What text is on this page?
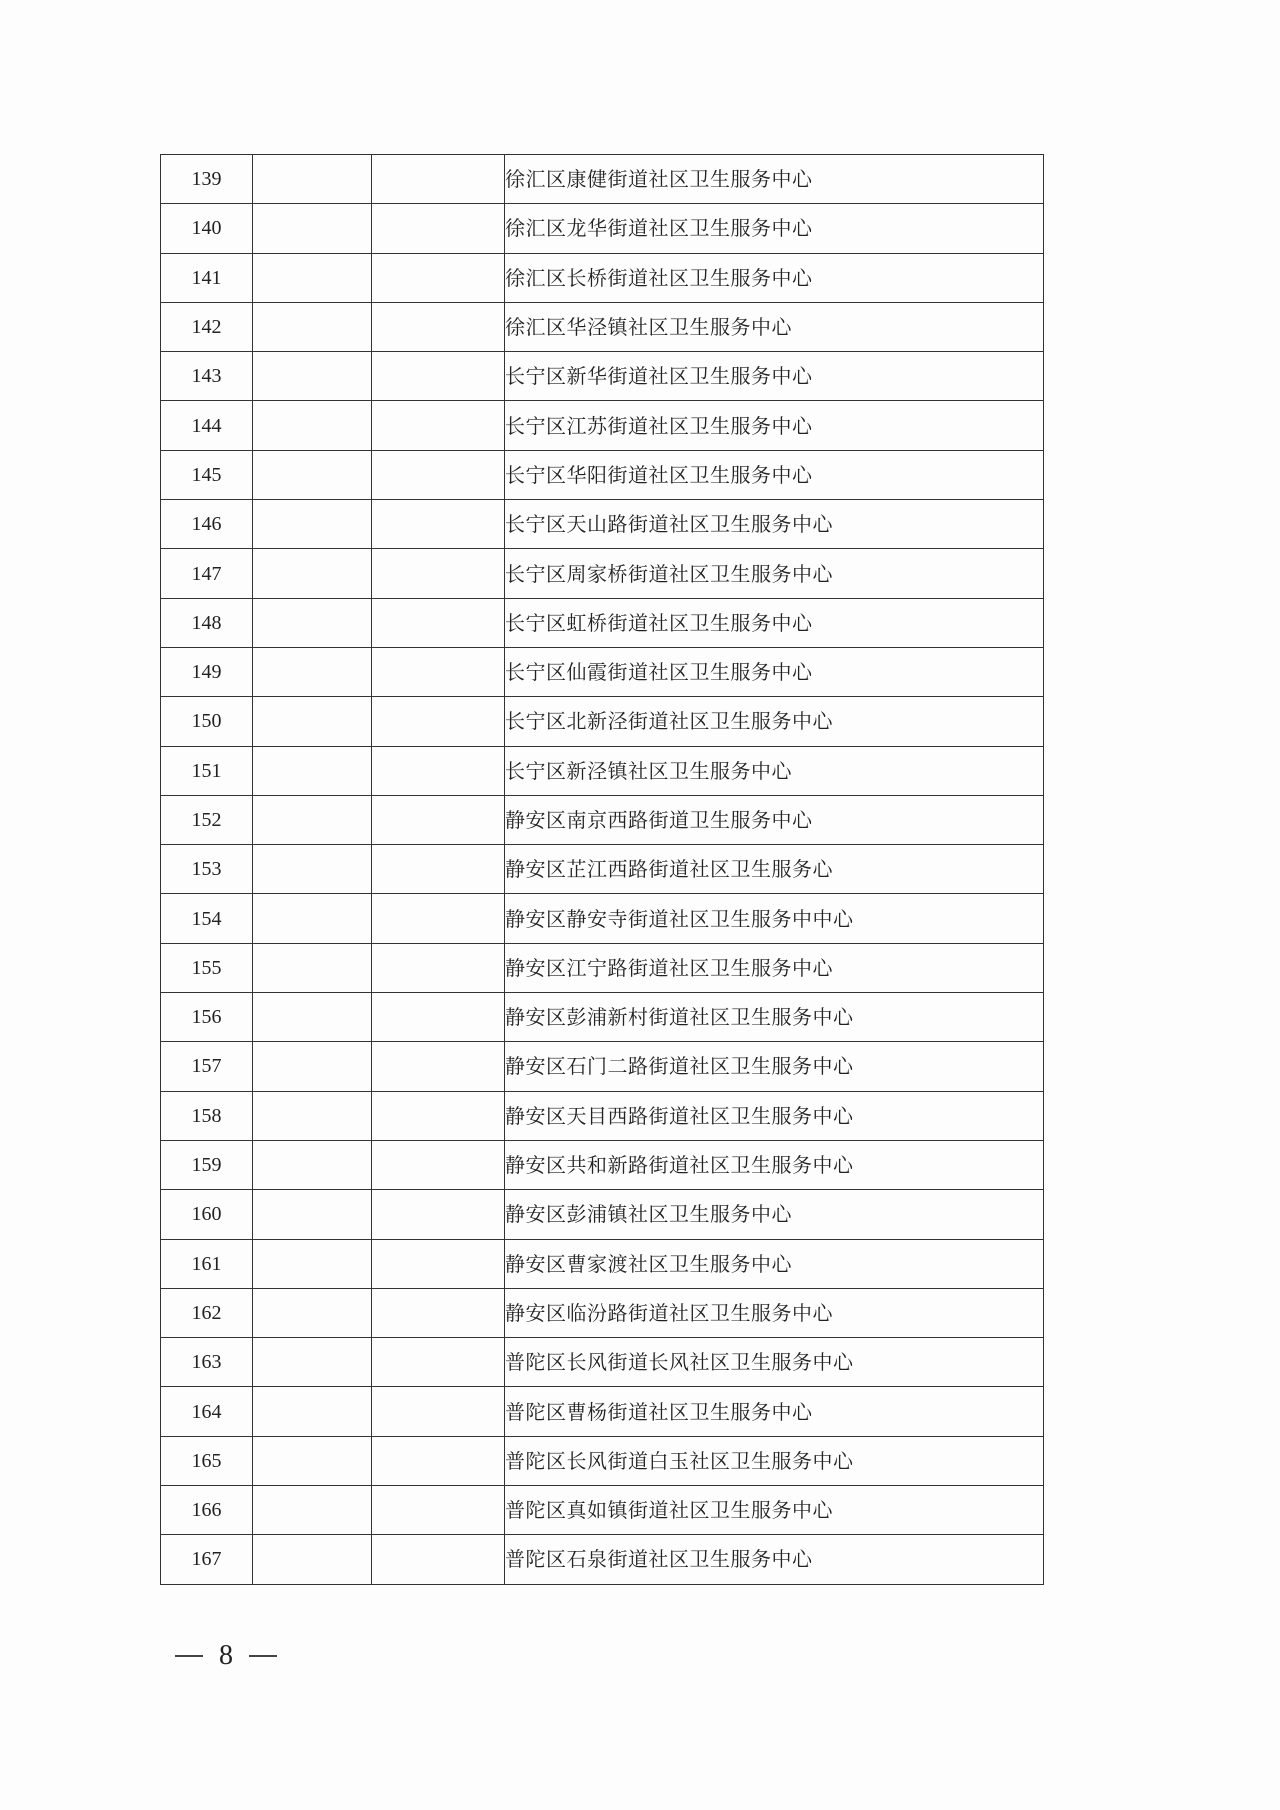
139			徐汇区康健街道社区卫生服务中心
140			徐汇区龙华街道社区卫生服务中心
141			徐汇区长桥街道社区卫生服务中心
142			徐汇区华泾镇社区卫生服务中心
143			长宁区新华街道社区卫生服务中心
144			长宁区江苏街道社区卫生服务中心
145			长宁区华阳街道社区卫生服务中心
146			长宁区天山路街道社区卫生服务中心
147			长宁区周家桥街道社区卫生服务中心
148			长宁区虹桥街道社区卫生服务中心
149			长宁区仙霞街道社区卫生服务中心
150			长宁区北新泾街道社区卫生服务中心
151			长宁区新泾镇社区卫生服务中心
152			静安区南京西路街道卫生服务中心
153			静安区芷江西路街道社区卫生服务心
154			静安区静安寺街道社区卫生服务中中心
155			静安区江宁路街道社区卫生服务中心
156			静安区彭浦新村街道社区卫生服务中心
157			静安区石门二路街道社区卫生服务中心
158			静安区天目西路街道社区卫生服务中心
159			静安区共和新路街道社区卫生服务中心
160			静安区彭浦镇社区卫生服务中心
161			静安区曹家渡社区卫生服务中心
162			静安区临汾路街道社区卫生服务中心
163			普陀区长风街道长风社区卫生服务中心
164			普陀区曹杨街道社区卫生服务中心
165			普陀区长风街道白玉社区卫生服务中心
166			普陀区真如镇街道社区卫生服务中心
167			普陀区石泉街道社区卫生服务中心
8
